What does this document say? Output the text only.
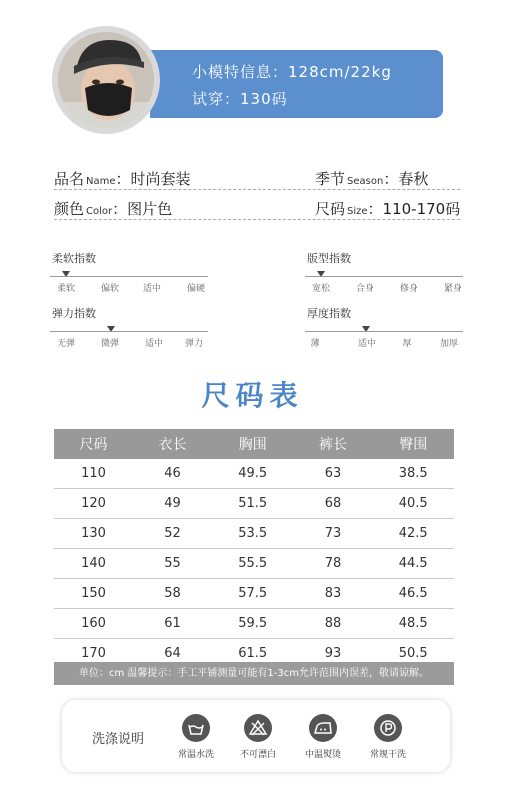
小模特信息：128cm/22kg
试穿：130码
品名 Name：时尚套装	季节 Season：春秋
颜色 Color：图片色	尺码 Size：110-170码
柔软指数
柔软	偏软	适中	偏硬
版型指数
宽松	合身	修身	紧身
弹力指数
无弹	微弹	适中	弹力
厚度指数
薄	适中	厚	加厚
尺码表
尺码	衣长	胸围	裤长	臀围
110	46	49.5	63	38.5
120	49	51.5	68	40.5
130	52	53.5	73	42.5
140	55	55.5	78	44.5
150	58	57.5	83	46.5
160	61	59.5	88	48.5
170	64	61.5	93	50.5
单位：cm 温馨提示：手工平铺测量可能有1-3cm允许范围内误差，敬请谅解。
洗涤说明
常温水洗	不可漂白	中温熨烫	常规干洗
